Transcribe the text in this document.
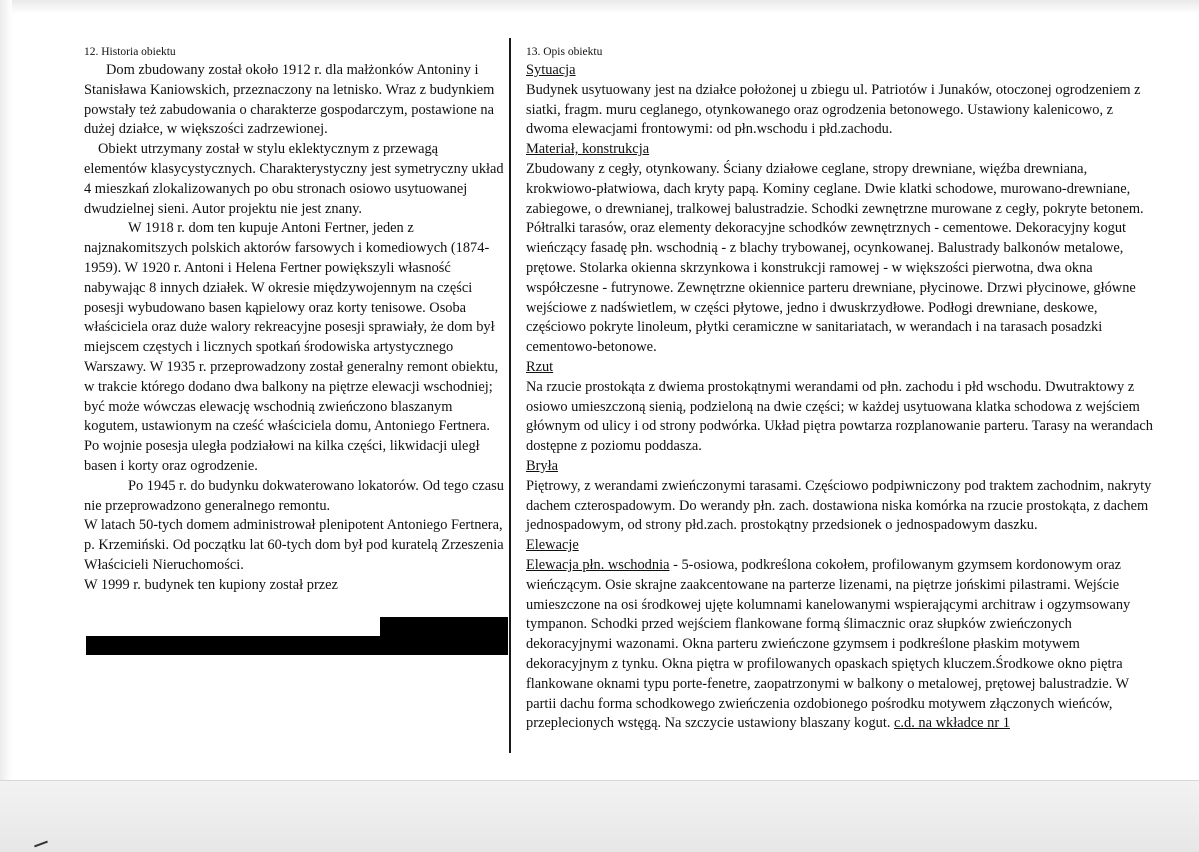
12. Historia obiektu

Dom zbudowany został około 1912 r. dla małżonków Antoniny i Stanisława Kaniowskich, przeznaczony na letnisko. Wraz z budynkiem powstały też zabudowania o charakterze gospodarczym, postawione na dużej działce, w większości zadrzewionej.

Obiekt utrzymany został w stylu eklektycznym z przewagą elementów klasycystycznych. Charakterystyczny jest symetryczny układ 4 mieszkań zlokalizowanych po obu stronach osiowo usytuowanej dwudzielnej sieni. Autor projektu nie jest znany.

W 1918 r. dom ten kupuje Antoni Fertner, jeden z najznakomitszych polskich aktorów farsowych i komediowych (1874-1959). W 1920 r. Antoni i Helena Fertner powiększyli własność nabywając 8 innych działek. W okresie międzywojennym na części posesji wybudowano basen kąpielowy oraz korty tenisowe. Osoba właściciela oraz duże walory rekreacyjne posesji sprawiały, że dom był miejscem częstych i licznych spotkań środowiska artystycznego Warszawy. W 1935 r. przeprowadzony został generalny remont obiektu, w trakcie którego dodano dwa balkony na piętrze elewacji wschodniej; być może wówczas elewację wschodnią zwieńczono blaszanym kogutem, ustawionym na cześć właściciela domu, Antoniego Fertnera. Po wojnie posesja uległa podziałowi na kilka części, likwidacji uległ basen i korty oraz ogrodzenie.

Po 1945 r. do budynku dokwaterowano lokatorów. Od tego czasu nie przeprowadzono generalnego remontu.

W latach 50-tych domem administrował plenipotent Antoniego Fertnera, p. Krzemiński. Od początku lat 60-tych dom był pod kuratelą Zrzeszenia Właścicieli Nieruchomości.

W 1999 r. budynek ten kupiony został przez

13. Opis obiektu

Sytuacja

Budynek usytuowany jest na działce położonej u zbiegu ul. Patriotów i Junaków, otoczonej ogrodzeniem z siatki, fragm. muru ceglanego, otynkowanego oraz ogrodzenia betonowego. Ustawiony kalenicowo, z dwoma elewacjami frontowymi: od płn.wschodu i płd.zachodu.

Materiał, konstrukcja

Zbudowany z cegły, otynkowany. Ściany działowe ceglane, stropy drewniane, więźba drewniana, krokwiowo-płatwiowa, dach kryty papą. Kominy ceglane. Dwie klatki schodowe, murowano-drewniane, zabiegowe, o drewnianej, tralkowej balustradzie. Schodki zewnętrzne murowane z cegły, pokryte betonem. Półtralki tarasów, oraz elementy dekoracyjne schodków zewnętrznych - cementowe. Dekoracyjny kogut wieńczący fasadę płn. wschodnią - z blachy trybowanej, ocynkowanej. Balustrady balkonów metalowe, prętowe. Stolarka okienna skrzynkowa i konstrukcji ramowej - w większości pierwotna, dwa okna współczesne - futrynowe. Zewnętrzne okiennice parteru drewniane, płycinowe. Drzwi płycinowe, główne wejściowe z nadświetlem, w części płytowe, jedno i dwuskrzydłowe. Podłogi drewniane, deskowe, częściowo pokryte linoleum, płytki ceramiczne w sanitariatach, w werandach i na tarasach posadzki cementowo-betonowe.

Rzut

Na rzucie prostokąta z dwiema prostokątnymi werandami od płn. zachodu i płd wschodu. Dwutraktowy z osiowo umieszczoną sienią, podzieloną na dwie części; w każdej usytuowana klatka schodowa z wejściem głównym od ulicy i od strony podwórka. Układ piętra powtarza rozplanowanie parteru. Tarasy na werandach dostępne z poziomu poddasza.

Bryła

Piętrowy, z werandami zwieńczonymi tarasami. Częściowo podpiwniczony pod traktem zachodnim, nakryty dachem czterospadowym. Do werandy płn. zach. dostawiona niska komórka na rzucie prostokąta, z dachem jednospadowym, od strony płd.zach. prostokątny przedsionek o jednospadowym daszku.

Elewacje

Elewacja płn. wschodnia - 5-osiowa, podkreślona cokołem, profilowanym gzymsem kordonowym oraz wieńczącym. Osie skrajne zaakcentowane na parterze lizenami, na piętrze jońskimi pilastrami. Wejście umieszczone na osi środkowej ujęte kolumnami kanelowanymi wspierającymi architraw i ogzymsowany tympanon. Schodki przed wejściem flankowane formą ślimacznic oraz słupków zwieńczonych dekoracyjnymi wazonami. Okna parteru zwieńczone gzymsem i podkreślone płaskim motywem dekoracyjnym z tynku. Okna piętra w profilowanych opaskach spiętych kluczem.Środkowe okno piętra flankowane oknami typu porte-fenetre, zaopatrzonymi w balkony o metalowej, prętowej balustradzie. W partii dachu forma schodkowego zwieńczenia ozdobionego pośrodku motywem złączonych wieńców, przeplecionych wstęgą. Na szczycie ustawiony blaszany kogut. c.d. na wkładce nr 1
